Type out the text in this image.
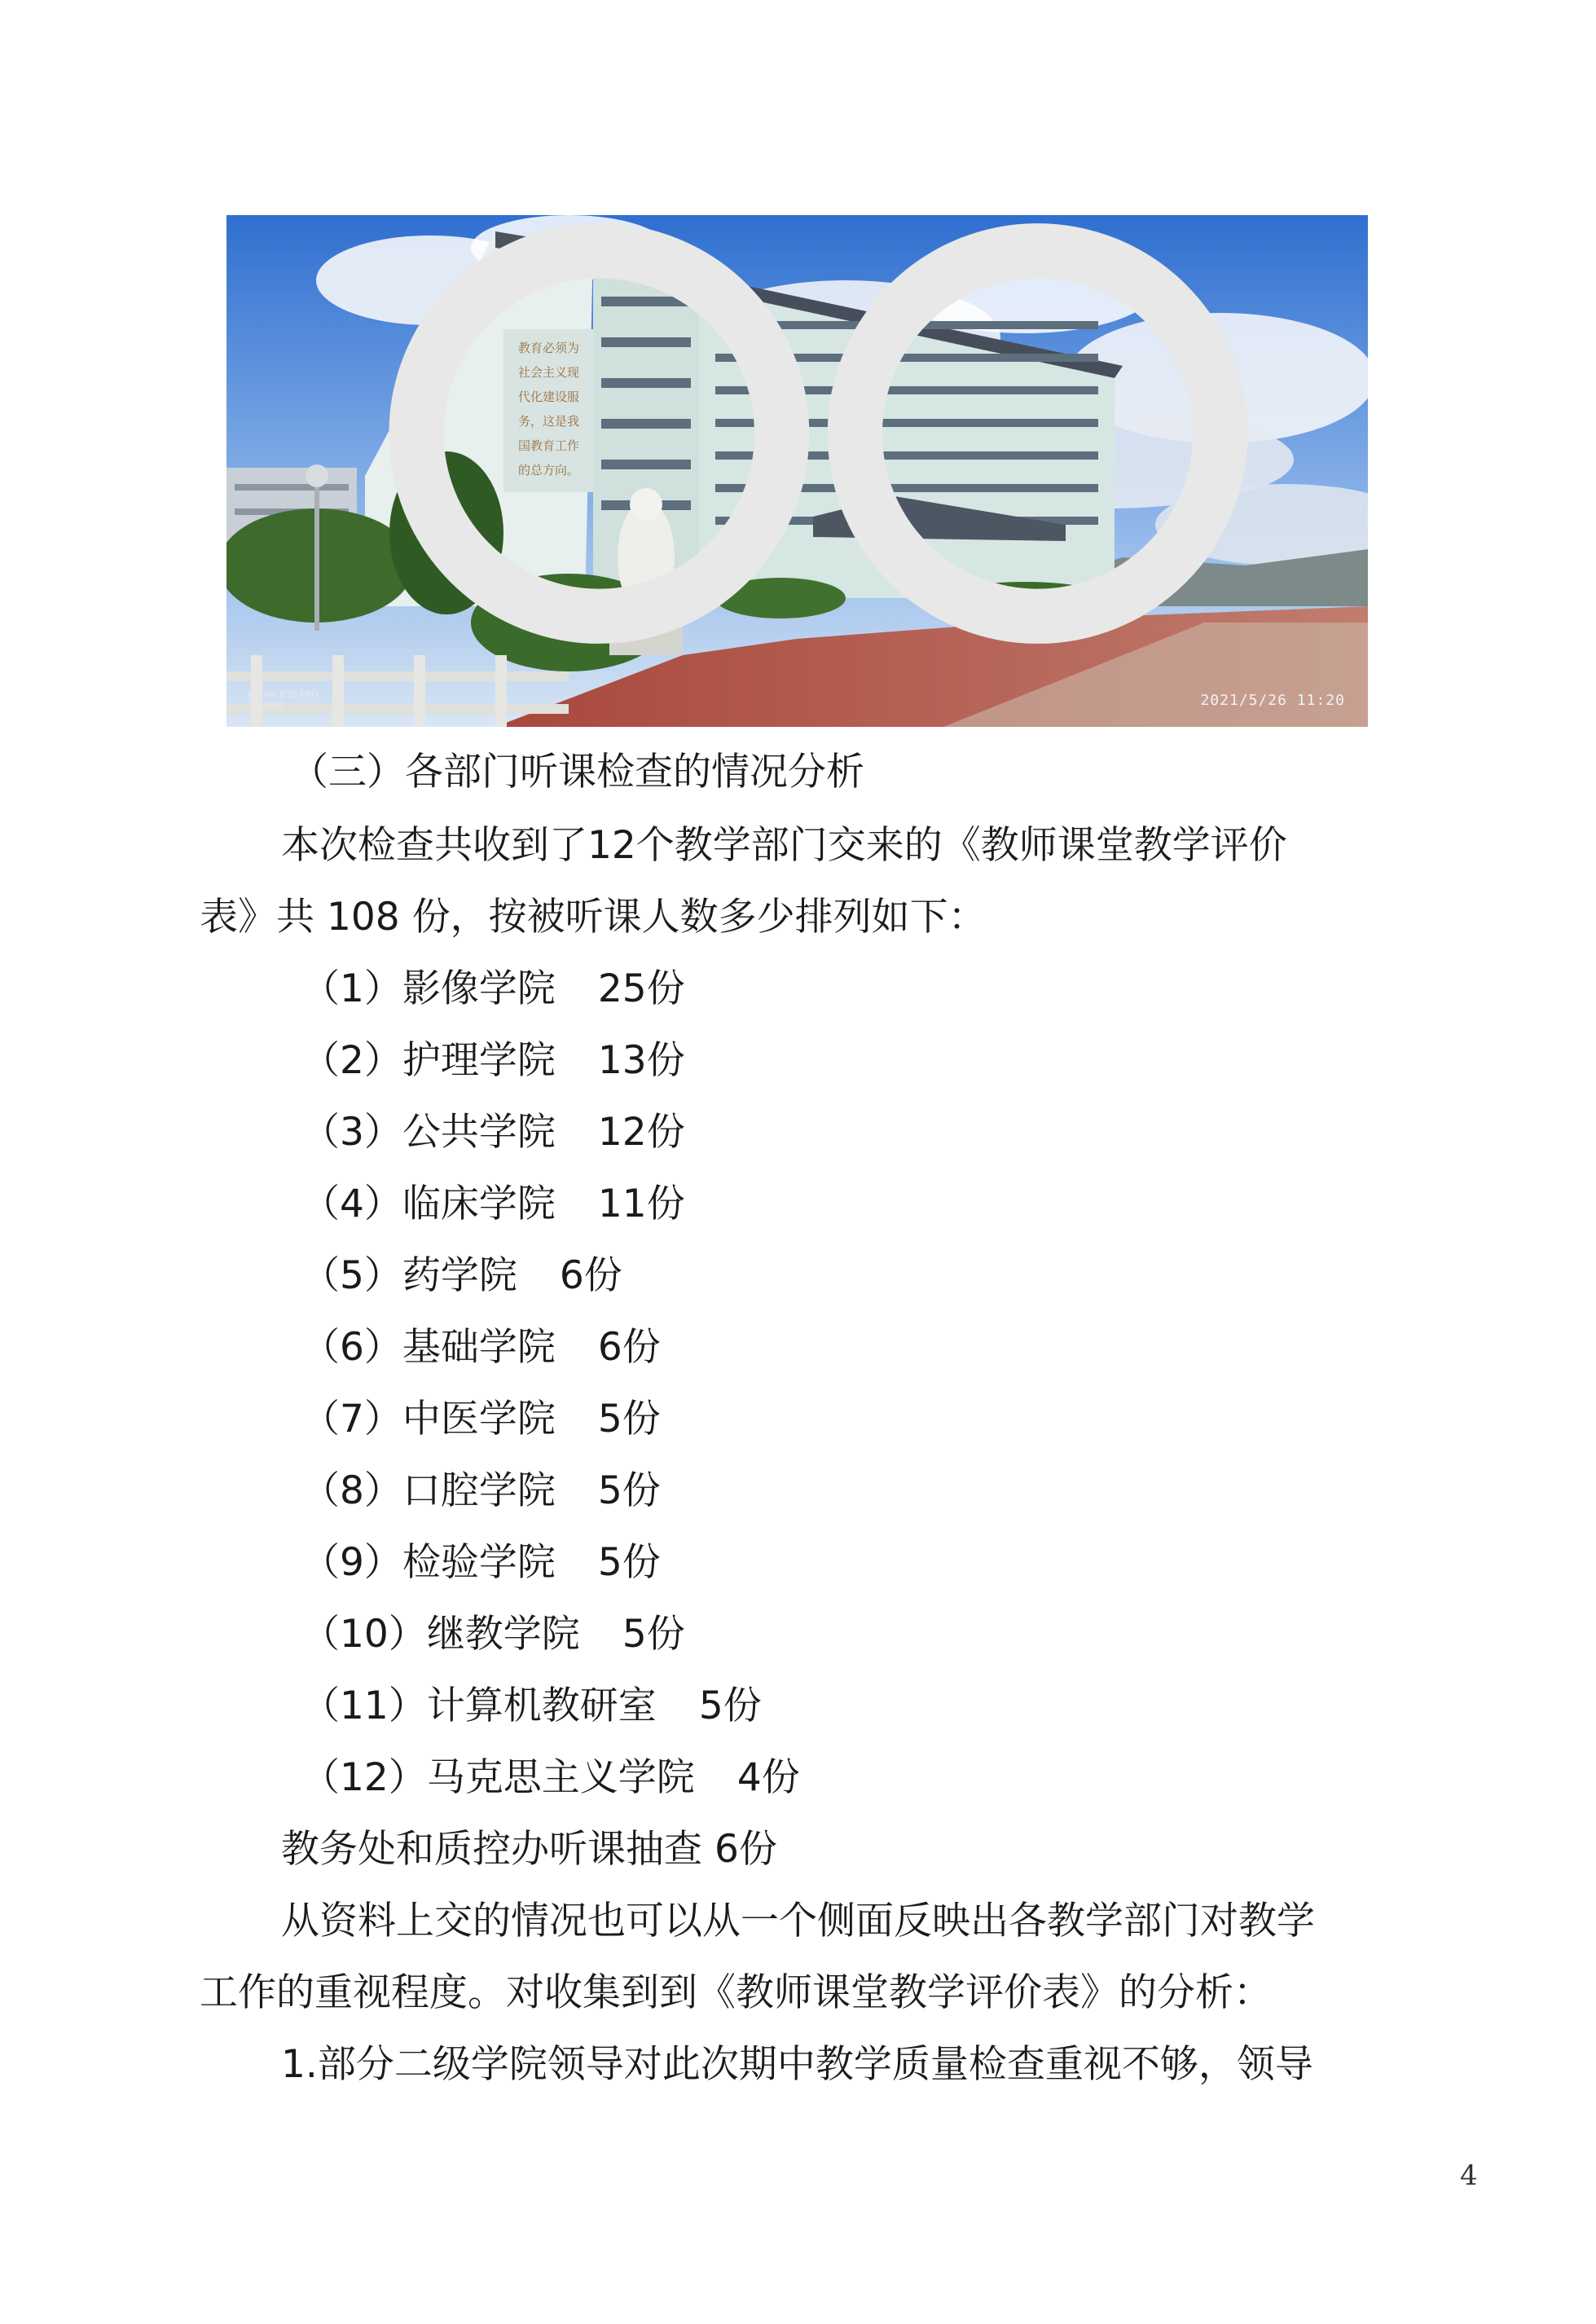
教育必须为
社会主义现
代化建设服
务，这是我
国教育工作
的总方向。
REDMI K30 PRO
水中朗诵	2021/5/26 11:20
（三）各部门听课检查的情况分析
本次检查共收到了12个教学部门交来的《教师课堂教学评价
表》共 108 份，按被听课人数多少排列如下：
（1）影像学院 25份
（2）护理学院 13份
（3）公共学院 12份
（4）临床学院 11份
（5）药学院 6份
（6）基础学院 6份
（7）中医学院 5份
（8）口腔学院 5份
（9）检验学院 5份
（10）继教学院 5份
（11）计算机教研室 5份
（12）马克思主义学院 4份
教务处和质控办听课抽查 6份
从资料上交的情况也可以从一个侧面反映出各教学部门对教学
工作的重视程度。对收集到到《教师课堂教学评价表》的分析：
1.部分二级学院领导对此次期中教学质量检查重视不够，领导
4
